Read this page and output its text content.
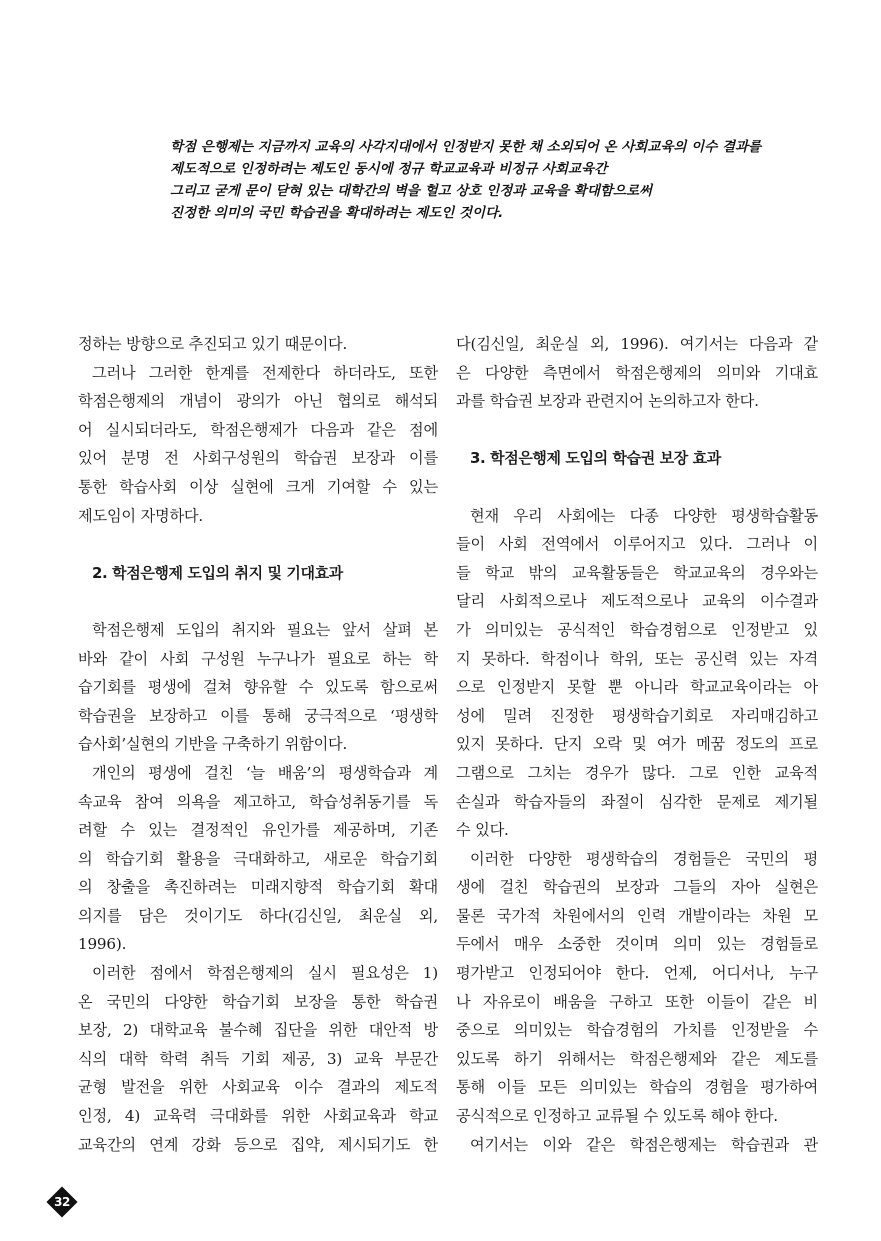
학점 은행제는 지금까지 교육의 사각지대에서 인정받지 못한 채 소외되어 온 사회교육의 이수 결과를
제도적으로 인정하려는 제도인 동시에 정규 학교교육과 비정규 사회교육간
그리고 굳게 문이 닫혀 있는 대학간의 벽을 헐고 상호 인정과 교육을 확대함으로써
진정한 의미의 국민 학습권을 확대하려는 제도인 것이다.
정하는 방향으로 추진되고 있기 때문이다.
그러나 그러한 한계를 전제한다 하더라도, 또한
학점은행제의 개념이 광의가 아닌 협의로 해석되
어 실시되더라도, 학점은행제가 다음과 같은 점에
있어 분명 전 사회구성원의 학습권 보장과 이를
통한 학습사회 이상 실현에 크게 기여할 수 있는
제도임이 자명하다.
2. 학점은행제 도입의 취지 및 기대효과
학점은행제 도입의 취지와 필요는 앞서 살펴 본
바와 같이 사회 구성원 누구나가 필요로 하는 학
습기회를 평생에 걸쳐 향유할 수 있도록 함으로써
학습권을 보장하고 이를 통해 궁극적으로 ‘평생학
습사회’실현의 기반을 구축하기 위함이다.
개인의 평생에 걸친 ‘늘 배움’의 평생학습과 계
속교육 참여 의욕을 제고하고, 학습성취동기를 독
려할 수 있는 결정적인 유인가를 제공하며, 기존
의 학습기회 활용을 극대화하고, 새로운 학습기회
의 창출을 촉진하려는 미래지향적 학습기회 확대
의지를 담은 것이기도 하다(김신일, 최운실 외,
1996).
이러한 점에서 학점은행제의 실시 필요성은 1)
온 국민의 다양한 학습기회 보장을 통한 학습권
보장, 2) 대학교육 불수혜 집단을 위한 대안적 방
식의 대학 학력 취득 기회 제공, 3) 교육 부문간
균형 발전을 위한 사회교육 이수 결과의 제도적
인정, 4) 교육력 극대화를 위한 사회교육과 학교
교육간의 연계 강화 등으로 집약, 제시되기도 한
다(김신일, 최운실 외, 1996). 여기서는 다음과 같
은 다양한 측면에서 학점은행제의 의미와 기대효
과를 학습권 보장과 관련지어 논의하고자 한다.
3. 학점은행제 도입의 학습권 보장 효과
현재 우리 사회에는 다종 다양한 평생학습활동
들이 사회 전역에서 이루어지고 있다. 그러나 이
들 학교 밖의 교육활동들은 학교교육의 경우와는
달리 사회적으로나 제도적으로나 교육의 이수결과
가 의미있는 공식적인 학습경험으로 인정받고 있
지 못하다. 학점이나 학위, 또는 공신력 있는 자격
으로 인정받지 못할 뿐 아니라 학교교육이라는 아
성에 밀려 진정한 평생학습기회로 자리매김하고
있지 못하다. 단지 오락 및 여가 메꿈 정도의 프로
그램으로 그치는 경우가 많다. 그로 인한 교육적
손실과 학습자들의 좌절이 심각한 문제로 제기될
수 있다.
이러한 다양한 평생학습의 경험들은 국민의 평
생에 걸친 학습권의 보장과 그들의 자아 실현은
물론 국가적 차원에서의 인력 개발이라는 차원 모
두에서 매우 소중한 것이며 의미 있는 경험들로
평가받고 인정되어야 한다. 언제, 어디서나, 누구
나 자유로이 배움을 구하고 또한 이들이 같은 비
중으로 의미있는 학습경험의 가치를 인정받을 수
있도록 하기 위해서는 학점은행제와 같은 제도를
통해 이들 모든 의미있는 학습의 경험을 평가하여
공식적으로 인정하고 교류될 수 있도록 해야 한다.
여기서는 이와 같은 학점은행제는 학습권과 관
32
